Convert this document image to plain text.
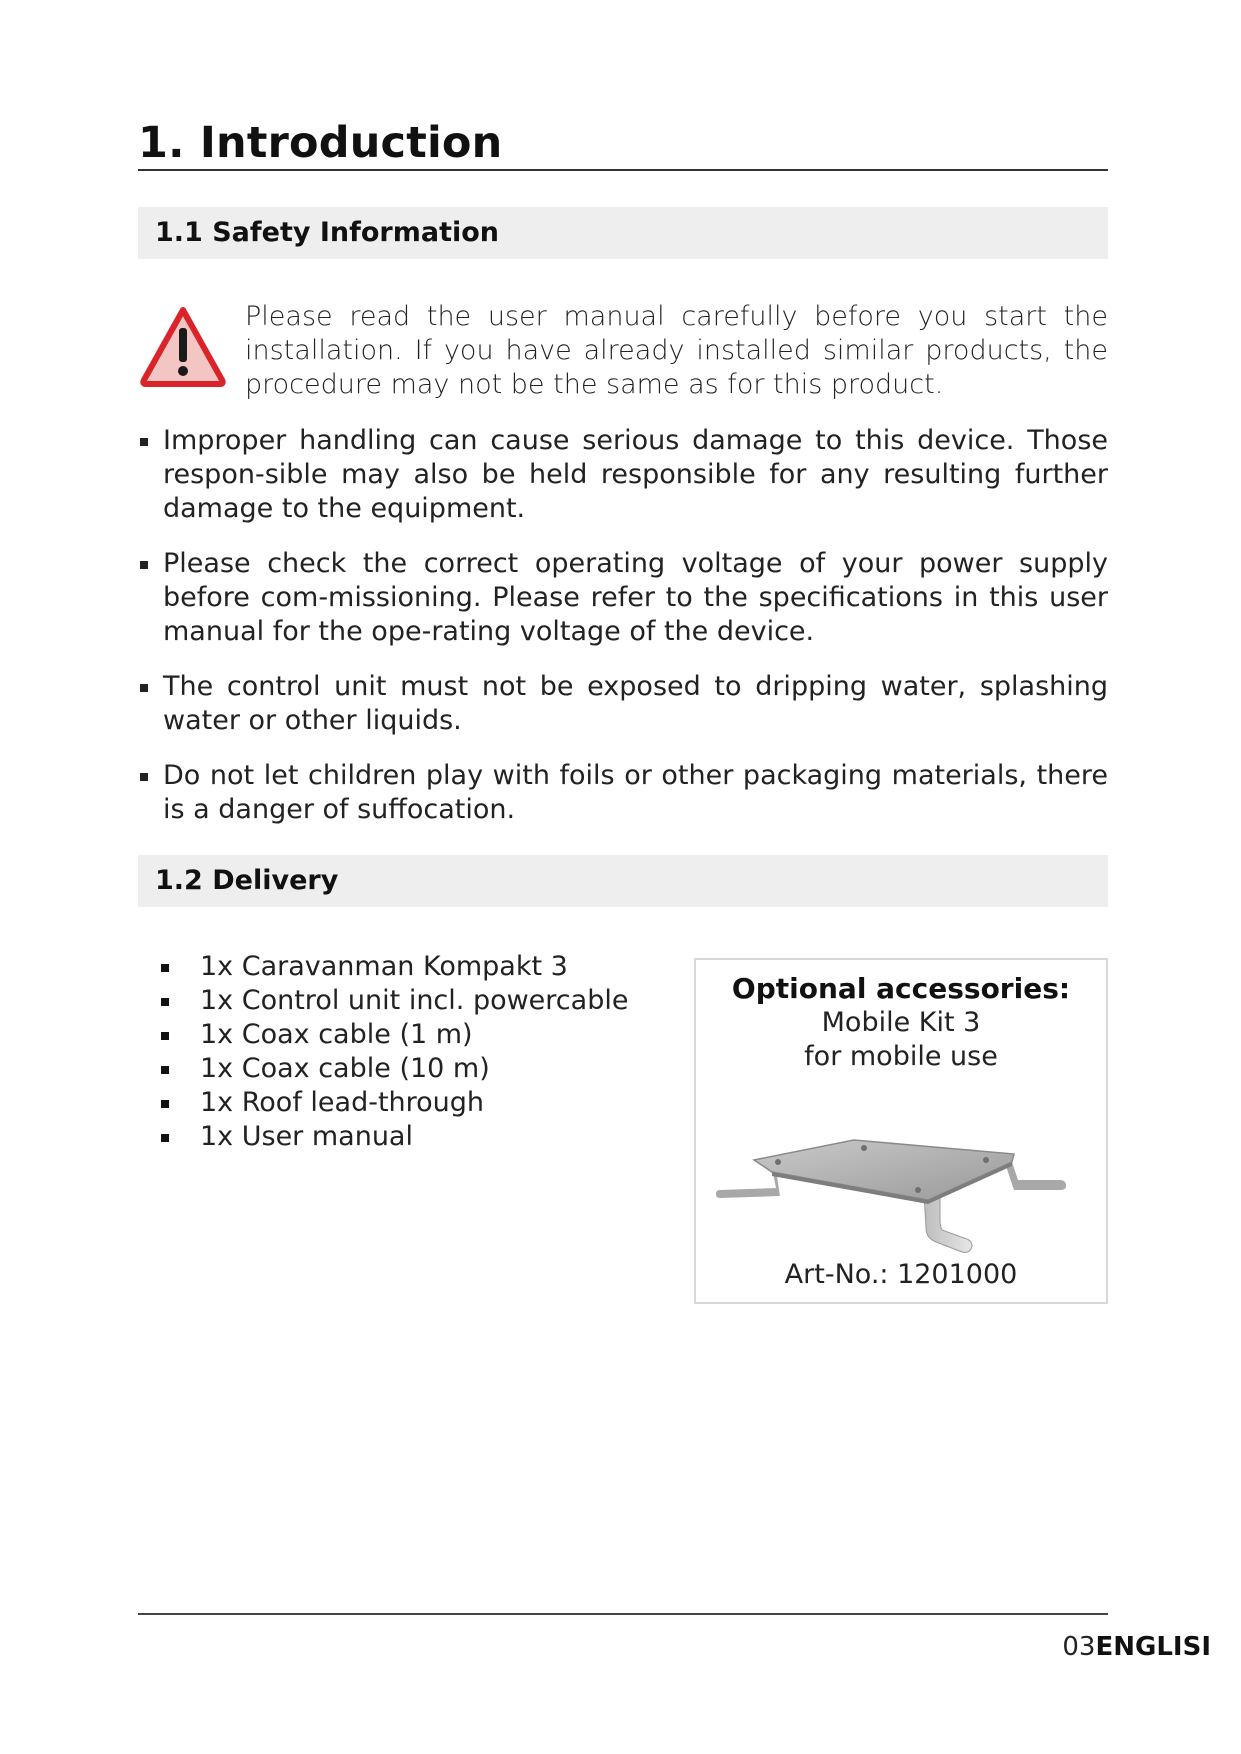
1. Introduction
1.1 Safety Information
Please read the user manual carefully before you start the installation. If you have already installed similar products, the procedure may not be the same as for this product.
Improper handling can cause serious damage to this device. Those respon-sible may also be held responsible for any resulting further damage to the equipment.
Please check the correct operating voltage of your power supply before com-missioning. Please refer to the specifications in this user manual for the ope-rating voltage of the device.
The control unit must not be exposed to dripping water, splashing water or other liquids.
Do not let children play with foils or other packaging materials, there is a danger of suffocation.
1.2 Delivery
1x Caravanman Kompakt 3
1x Control unit incl. powercable
1x Coax cable (1 m)
1x Coax cable (10 m)
1x Roof lead-through
1x User manual
Optional accessories:
Mobile Kit 3
for mobile use
Art-No.: 1201000
03ENGLISI
